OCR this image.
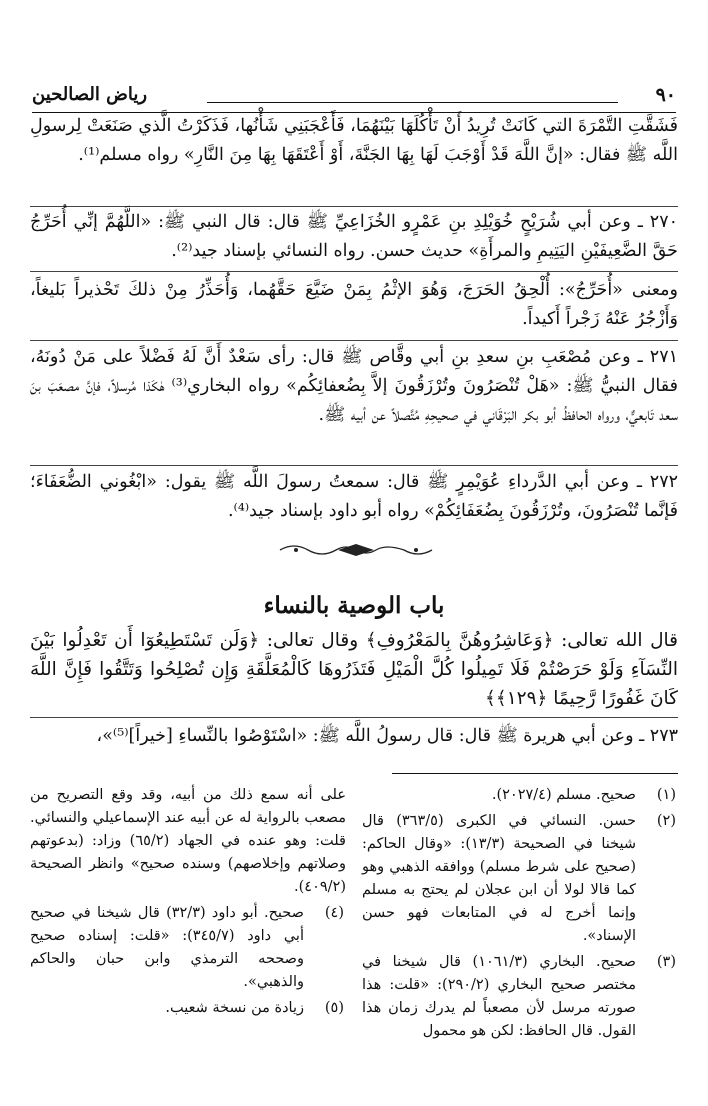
٩٠
رياض الصالحين

فَشَقَّتِ التَّمْرَةَ التي كَانَتْ تُرِيدُ أَنْ تَأْكُلَهَا بَيْنَهُمَا، فَأَعْجَبَنِي شَأْنُها، فَذَكَرْتُ الَّذي صَنَعَتْ لِرسولِ اللَّه ﷺ فقال: «إنَّ اللَّهَ قَدْ أَوْجَبَ لَهَا بِهَا الجَنَّةَ، أَوْ أَعْتَقَهَا بِهَا مِنَ النَّارِ» رواه مسلم⁽¹⁾.

٢٧٠ ـ وعن أبي شُرَيْحٍ خُوَيْلِدِ بنِ عَمْرٍو الخُزَاعِيِّ ﷺ قال: قال النبي ﷺ: «اللَّهُمَّ إنِّي أُحَرِّجُ حَقَّ الضَّعِيفَيْنِ اليَتِيمِ والمرأَةِ» حديث حسن. رواه النسائي بإسناد جيد⁽²⁾.

ومعنى «أُحَرِّجُ»: أُلْحِقُ الحَرَجَ، وَهُوَ الإثْمُ بِمَنْ ضَيَّعَ حَقَّهُما، وَأُحَذِّرُ مِنْ ذلكَ تَحْذيراً بَليغاً، وَأَزْجُرُ عَنْهُ زَجْراً أَكيداً.

٢٧١ ـ وعن مُصْعَبِ بنِ سعدِ بنِ أبي وقَّاص ﷺ قال: رأى سَعْدٌ أَنَّ لَهُ فَضْلاً على مَنْ دُونَهُ، فقال النبيُّ ﷺ: «هَلْ تُنْصَرُونَ وتُرْزَقُونَ إلاَّ بِضُعفائِكُم» رواه البخاري⁽³⁾ هٰكَذا مُرسلاً، فإنَّ مصعَبَ بنَ سعد تَابعيٌّ، ورواه الحافظُ أبو بكر البَرْقَاني في صحيحِهِ مُتَّصلاً عن أبيه ﷺ.

٢٧٢ ـ وعن أبي الدَّرداءِ عُوَيْمِرٍ ﷺ قال: سمعتُ رسولَ اللَّه ﷺ يقول: «ابْغُوني الضُّعَفَاءَ؛ فَإنَّما تُنْصَرُونَ، وتُرْزَقُونَ بِضُعَفَائِكُمْ» رواه أبو داود بإسناد جيد⁽⁴⁾.

باب الوصية بالنساء

قال الله تعالى: ﴿وَعَاشِرُوهُنَّ بِالمَعْرُوفِ﴾ وقال تعالى: ﴿وَلَن تَسْتَطِيعُوٓا أَن تَعْدِلُوا بَيْنَ النِّسَآءِ وَلَوْ حَرَصْتُمْ فَلَا تَمِيلُوا كُلَّ الْمَيْلِ فَتَذَرُوهَا كَالْمُعَلَّقَةِ وَإِن تُصْلِحُوا وَتَتَّقُوا فَإِنَّ اللَّهَ كَانَ غَفُورًا رَّحِيمًا ﴿١٢٩﴾﴾

٢٧٣ ـ وعن أبي هريرة ﷺ قال: قال رسولُ اللَّه ﷺ: «اسْتَوْصُوا بالنِّساءِ [خيراً]⁽⁵⁾»،

(١)
صحيح. مسلم (٢٠٢٧/٤).
(٢)
حسن. النسائي في الكبرى (٣٦٣/٥) قال شيخنا في الصحيحة (١٣/٣): «وقال الحاكم: (صحيح على شرط مسلم) ووافقه الذهبي وهو كما قالا لولا أن ابن عجلان لم يحتج به مسلم وإنما أخرج له في المتابعات فهو حسن الإسناد».
(٣)
صحيح. البخاري (١٠٦١/٣) قال شيخنا في مختصر صحيح البخاري (٢٩٠/٢): «قلت: هذا صورته مرسل لأن مصعباً لم يدرك زمان هذا القول. قال الحافظ: لكن هو محمول
على أنه سمع ذلك من أبيه، وقد وقع التصريح من مصعب بالرواية له عن أبيه عند الإسماعيلي والنسائي. قلت: وهو عنده في الجهاد (٦٥/٢) وزاد: (بدعوتهم وصلاتهم وإخلاصهم) وسنده صحيح» وانظر الصحيحة (٤٠٩/٢).
(٤)
صحيح. أبو داود (٣٢/٣) قال شيخنا في صحيح أبي داود (٣٤٥/٧): «قلت: إسناده صحيح وصححه الترمذي وابن حبان والحاكم والذهبي».
(٥)
زيادة من نسخة شعيب.
